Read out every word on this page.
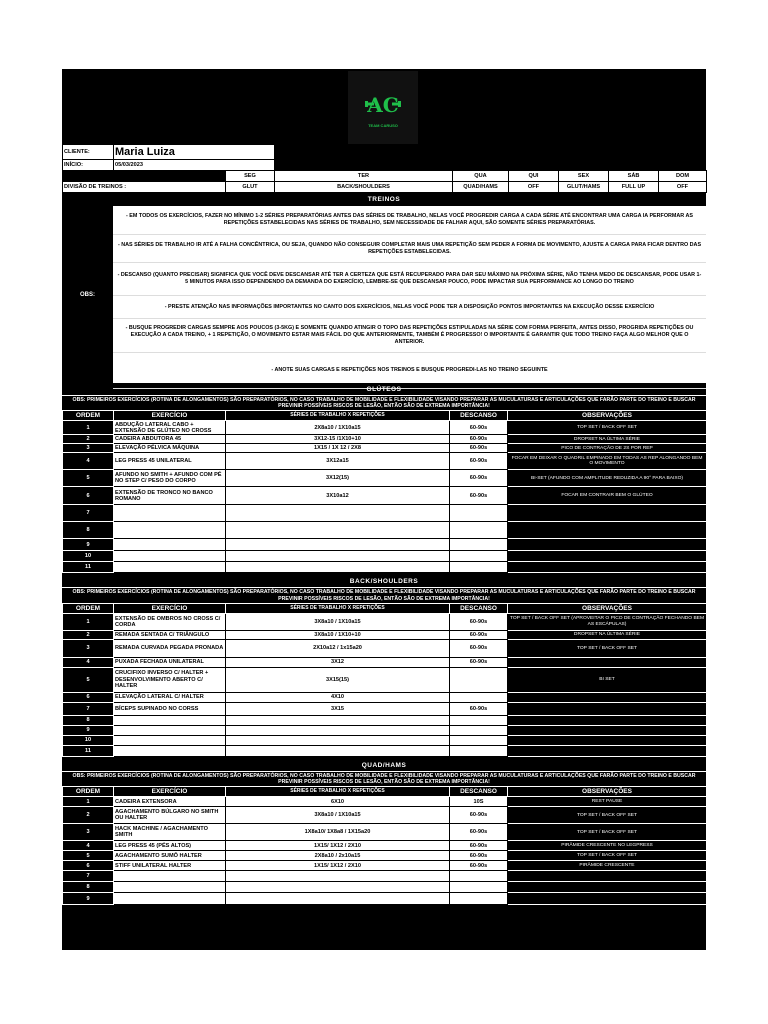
AC
TEAM CARUSO
CLIENTE:	Maria Luiza	
INÍCIO:	05/03/2023	
	SEG	TER	QUA	QUI	SEX	SÁB	DOM
DIVISÃO DE TREINOS :	GLUT	BACK/SHOULDERS	QUAD/HAMS	OFF	GLUT/HAMS	FULL UP	OFF
TREINOS
OBS:
- EM TODOS OS EXERCÍCIOS, FAZER NO MÍNIMO 1-2 SÉRIES PREPARATÓRIAS ANTES DAS SÉRIES DE TRABALHO, NELAS VOCÊ PROGREDIR CARGA A CADA SÉRIE ATÉ ENCONTRAR UMA CARGA IA PERFORMAR AS REPETIÇÕES ESTABELECIDAS NAS SÉRIES DE TRABALHO, SEM NECESSIDADE DE FALHAR AQUI, SÃO SOMENTE SÉRIES PREPARATÓRIAS.
- NAS SÉRIES DE TRABALHO IR ATÉ A FALHA CONCÊNTRICA, OU SEJA, QUANDO NÃO CONSEGUIR COMPLETAR MAIS UMA REPETIÇÃO SEM PEDER A FORMA DE MOVIMENTO, AJUSTE A CARGA PARA FICAR DENTRO DAS REPETIÇÕES ESTABELECIDAS.
- DESCANSO (QUANTO PRECISAR) SIGNIFICA QUE VOCÊ DEVE DESCANSAR ATÉ TER A CERTEZA QUE ESTÁ RECUPERADO PARA DAR SEU MÁXIMO NA PRÓXIMA SÉRIE, NÃO TENHA MEDO DE DESCANSAR, PODE USAR 1-5 MINUTOS PARA ISSO DEPENDENDO DA DEMANDA DO EXERCÍCIO, LEMBRE-SE QUE DESCANSAR POUCO, PODE IMPACTAR SUA PERFORMANCE AO LONGO DO TREINO
- PRESTE ATENÇÃO NAS INFORMAÇÕES IMPORTANTES NO CANTO DOS EXERCÍCIOS, NELAS VOCÊ PODE TER A DISPOSIÇÃO PONTOS IMPORTANTES NA EXECUÇÃO DESSE EXERCÍCIO
- BUSQUE PROGREDIR CARGAS SEMPRE AOS POUCOS (3-5KG) E SOMENTE QUANDO ATINGIR O TOPO DAS REPETIÇÕES ESTIPULADAS NA SÉRIE COM FORMA PERFEITA, ANTES DISSO, PROGRIDA REPETIÇÕES OU EXECUÇÃO A CADA TREINO, + 1 REPETIÇÃO, O MOVIMENTO ESTAR MAIS FÁCIL DO QUE ANTERIORMENTE, TAMBÉM É PROGRESSO! O IMPORTANTE É GARANTIR QUE TODO TREINO FAÇA ALGO MELHOR QUE O ANTERIOR.
- ANOTE SUAS CARGAS E REPETIÇÕES NOS TREINOS E BUSQUE PROGREDI-LAS NO TREINO SEGUINTE
GLÚTEOS
OBS: PRIMEIROS EXERCÍCIOS (ROTINA DE ALONGAMENTOS) SÃO PREPARATÓRIOS, NO CASO TRABALHO DE MOBILIDADE E FLEXIBILIDADE VISANDO PREPARAR AS MUCULATURAS E ARTICULAÇÕES QUE FARÃO PARTE DO TREINO E BUSCAR PREVINIR POSSÍVEIS RISCOS DE LESÃO, ENTÃO SÃO DE EXTREMA IMPORTÂNCIA!
ORDEM	EXERCÍCIO	SÉRIES DE TRABALHO X REPETIÇÕES	DESCANSO	OBSERVAÇÕES
1	ABDUÇÃO LATERAL CABO + EXTENSÃO DE GLÚTEO NO CROSS	2X8a10 / 1X10a15	60-90s	TOP SET / BACK OFF SET
2	CADEIRA ABDUTORA 45	3X12-15 /1X10+10	60-90s	DROPSET NA ÚLTIMA SÉRIE
3	ELEVAÇÃO PÉLVICA MÁQUINA	1X15 / 1X 12 / 2X8	60-90s	PICO DE CONTRAÇÃO DE 2S POR REP
4	LEG PRESS 45 UNILATERAL	3X12a15	60-90s	FOCAR EM DEIXAR O QUADRIL EMPINADO EM TODAS AS REP ALONGANDO BEM O MOVIMENTO
5	AFUNDO NO SMITH + AFUNDO COM PÉ NO STEP C/ PESO DO CORPO	3X12(15)	60-90s	BI-SET (AFUNDO COM AMPLITUDE REDUZIDA A 90° PARA BAIXO)
6	EXTENSÃO DE TRONCO NO BANCO ROMANO	3X10a12	60-90s	FOCAR EM CONTRAIR BEM O GLÚTEO
7				
8				
9				
10				
11				
BACK/SHOULDERS
OBS: PRIMEIROS EXERCÍCIOS (ROTINA DE ALONGAMENTOS) SÃO PREPARATÓRIOS, NO CASO TRABALHO DE MOBILIDADE E FLEXIBILIDADE VISANDO PREPARAR AS MUCULATURAS E ARTICULAÇÕES QUE FARÃO PARTE DO TREINO E BUSCAR PREVINIR POSSÍVEIS RISCOS DE LESÃO, ENTÃO SÃO DE EXTREMA IMPORTÂNCIA!
ORDEM	EXERCÍCIO	SÉRIES DE TRABALHO X REPETIÇÕES	DESCANSO	OBSERVAÇÕES
1	EXTENSÃO DE OMBROS NO CROSS C/ CORDA	3X8a10 / 1X10a15	60-90s	TOP SET / BACK OFF SET (APROVEITAR O PICO DE CONTRAÇÃO FECHANDO BEM AS ESCÁPULAS)
2	REMADA SENTADA C/ TRIÂNGULO	3X8a10 / 1X10+10	60-90s	DROPSET NA ÚLTIMA SÉRIE
3	REMADA CURVADA PEGADA PRONADA	2X10a12 / 1x15a20	60-90s	TOP SET / BACK OFF SET
4	PUXADA FECHADA UNILATERAL	3X12	60-90s	
5	CRUCIFIXO INVERSO C/ HALTER + DESENVOLVIMENTO ABERTO C/ HALTER	3X15(15)		BI SET
6	ELEVAÇÃO LATERAL C/ HALTER	4X10		
7	BÍCEPS SUPINADO NO CORSS	3X15	60-90s	
8				
9				
10				
11				
QUAD/HAMS
OBS: PRIMEIROS EXERCÍCIOS (ROTINA DE ALONGAMENTOS) SÃO PREPARATÓRIOS, NO CASO TRABALHO DE MOBILIDADE E FLEXIBILIDADE VISANDO PREPARAR AS MUCULATURAS E ARTICULAÇÕES QUE FARÃO PARTE DO TREINO E BUSCAR PREVINIR POSSÍVEIS RISCOS DE LESÃO, ENTÃO SÃO DE EXTREMA IMPORTÂNCIA!
ORDEM	EXERCÍCIO	SÉRIES DE TRABALHO X REPETIÇÕES	DESCANSO	OBSERVAÇÕES
1	CADEIRA EXTENSORA	6X10	10S	REST PAUSE
2	AGACHAMENTO BÚLGARO NO SMITH OU HALTER	3X8a10 / 1X10a15	60-90s	TOP SET / BACK OFF SET
3	HACK MACHINE / AGACHAMENTO SMITH	1X8a10/ 1X8a8 / 1X15a20	60-90s	TOP SET / BACK OFF SET
4	LEG PRESS 45 (PÉS ALTOS)	1X15/ 1X12 / 2X10	60-90s	PIRÂMIDE CRESCENTE NO LEGPRESS
5	AGACHAMENTO SUMÔ HALTER	2X8a10 / 2x10a15	60-90s	TOP SET / BACK OFF SET
6	STIFF UNILATERAL HALTER	1X15/ 1X12 / 2X10	60-90s	PIRÂMIDE CRESCENTE
7				
8				
9				
